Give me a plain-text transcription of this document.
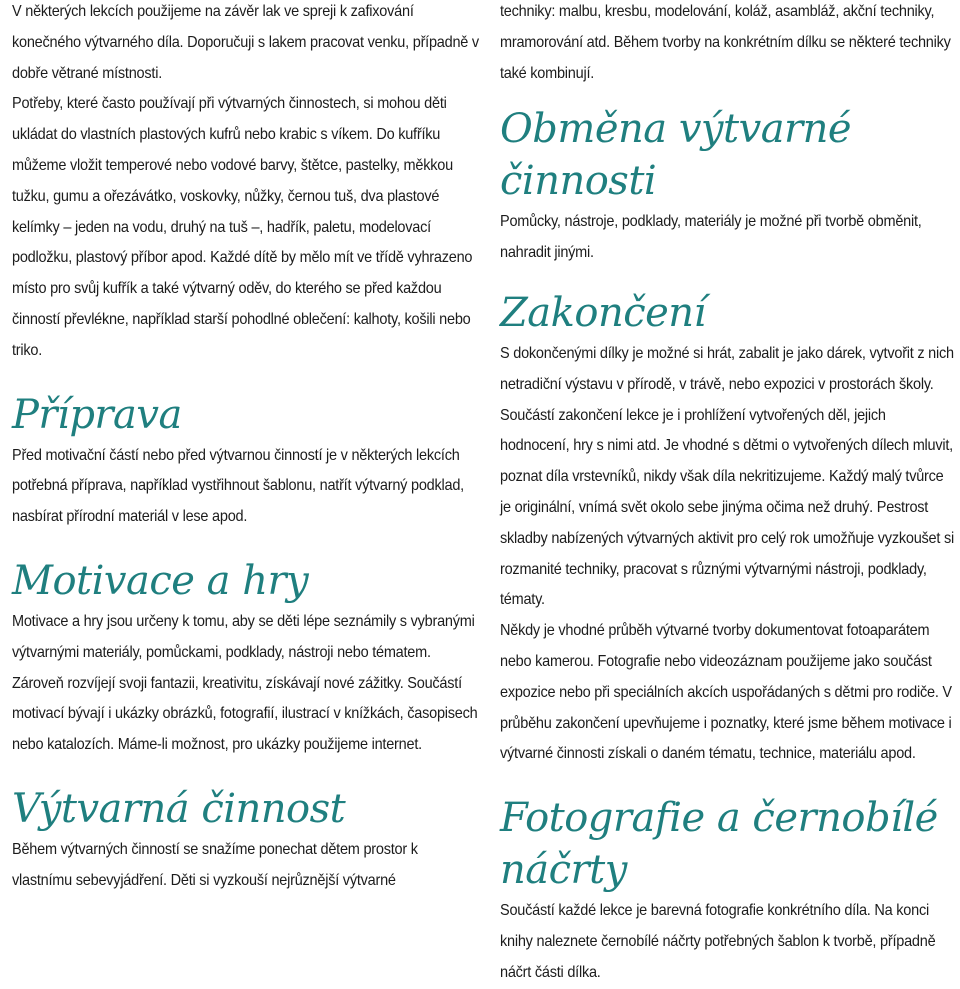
V některých lekcích použijeme na závěr lak ve spreji k zafixování konečného výtvarného díla. Doporučuji s lakem pracovat venku, případně v dobře větrané místnosti.

Potřeby, které často používají při výtvarných činnostech, si mohou děti ukládat do vlastních plastových kufrů nebo krabic s víkem. Do kufříku můžeme vložit temperové nebo vodové barvy, štětce, pastelky, měkkou tužku, gumu a ořezávátko, voskovky, nůžky, černou tuš, dva plastové kelímky ‒ jeden na vodu, druhý na tuš ‒, hadřík, paletu, modelovací podložku, plastový příbor apod. Každé dítě by mělo mít ve třídě vyhrazeno místo pro svůj kufřík a také výtvarný oděv, do kterého se před každou činností převlékne, například starší pohodlné oblečení: kalhoty, košili nebo triko.

Příprava

Před motivační částí nebo před výtvarnou činností je v některých lekcích potřebná příprava, například vystřihnout šablonu, natřít výtvarný podklad, nasbírat přírodní materiál v lese apod.

Motivace a hry

Motivace a hry jsou určeny k tomu, aby se děti lépe seznámily s vybranými výtvarnými materiály, pomůckami, podklady, nástroji nebo tématem. Zároveň rozvíjejí svoji fantazii, kreativitu, získávají nové zážitky. Součástí motivací bývají i ukázky obrázků, fotografií, ilustrací v knížkách, časopisech nebo katalozích. Máme-li možnost, pro ukázky použijeme internet.

Výtvarná činnost

Během výtvarných činností se snažíme ponechat dětem prostor k vlastnímu sebevyjádření. Děti si vyzkouší nejrůznější výtvarné

techniky: malbu, kresbu, modelování, koláž, asambláž, akční techniky, mramorování atd. Během tvorby na konkrétním dílku se některé techniky také kombinují.

Obměna výtvarné činnosti

Pomůcky, nástroje, podklady, materiály je možné při tvorbě obměnit, nahradit jinými.

Zakončení

S dokončenými dílky je možné si hrát, zabalit je jako dárek, vytvořit z nich netradiční výstavu v přírodě, v trávě, nebo expozici v prostorách školy. Součástí zakončení lekce je i prohlížení vytvořených děl, jejich hodnocení, hry s nimi atd. Je vhodné s dětmi o vytvořených dílech mluvit, poznat díla vrstevníků, nikdy však díla nekritizujeme. Každý malý tvůrce je originální, vnímá svět okolo sebe jinýma očima než druhý. Pestrost skladby nabízených výtvarných aktivit pro celý rok umožňuje vyzkoušet si rozmanité techniky, pracovat s různými výtvarnými nástroji, podklady, tématy.

Někdy je vhodné průběh výtvarné tvorby dokumentovat fotoaparátem nebo kamerou. Fotografie nebo videozáznam použijeme jako součást expozice nebo při speciálních akcích uspořádaných s dětmi pro rodiče. V průběhu zakončení upevňujeme i poznatky, které jsme během motivace i výtvarné činnosti získali o daném tématu, technice, materiálu apod.

Fotografie a černobílé náčrty

Součástí každé lekce je barevná fotografie konkrétního díla. Na konci knihy naleznete černobílé náčrty potřebných šablon k tvorbě, případně náčrt části dílka.
